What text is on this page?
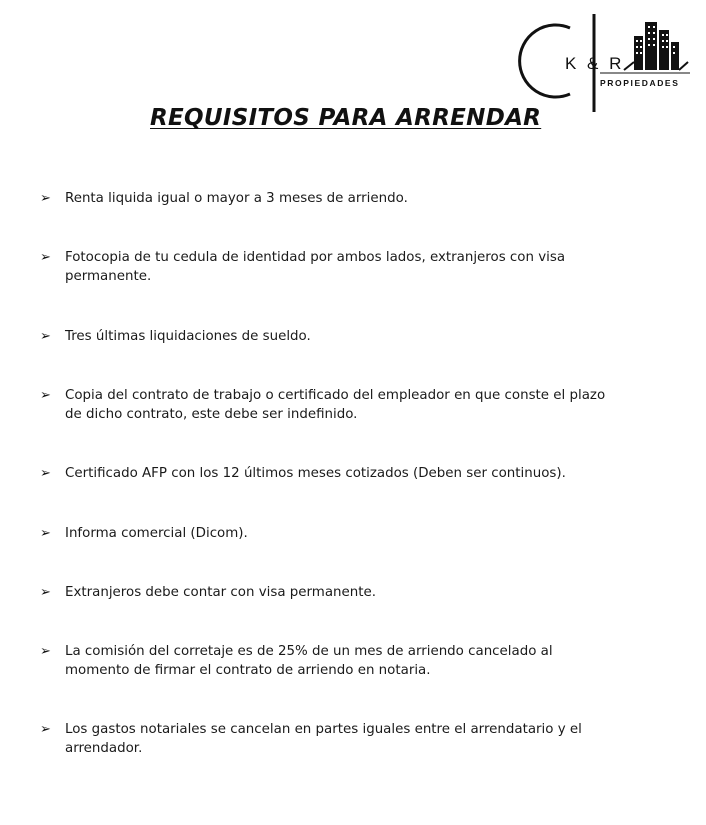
K & R
PROPIEDADES
REQUISITOS PARA ARRENDAR
➢ Renta liquida igual o mayor a 3 meses de arriendo.
➢ Fotocopia de tu cedula de identidad por ambos lados, extranjeros con visa permanente.
➢ Tres últimas liquidaciones de sueldo.
➢ Copia del contrato de trabajo o certificado del empleador en que conste el plazo de dicho contrato, este debe ser indefinido.
➢ Certificado AFP con los 12 últimos meses cotizados (Deben ser continuos).
➢ Informa comercial (Dicom).
➢ Extranjeros debe contar con visa permanente.
➢ La comisión del corretaje es de 25% de un mes de arriendo cancelado al momento de firmar el contrato de arriendo en notaria.
➢ Los gastos notariales se cancelan en partes iguales entre el arrendatario y el arrendador.
